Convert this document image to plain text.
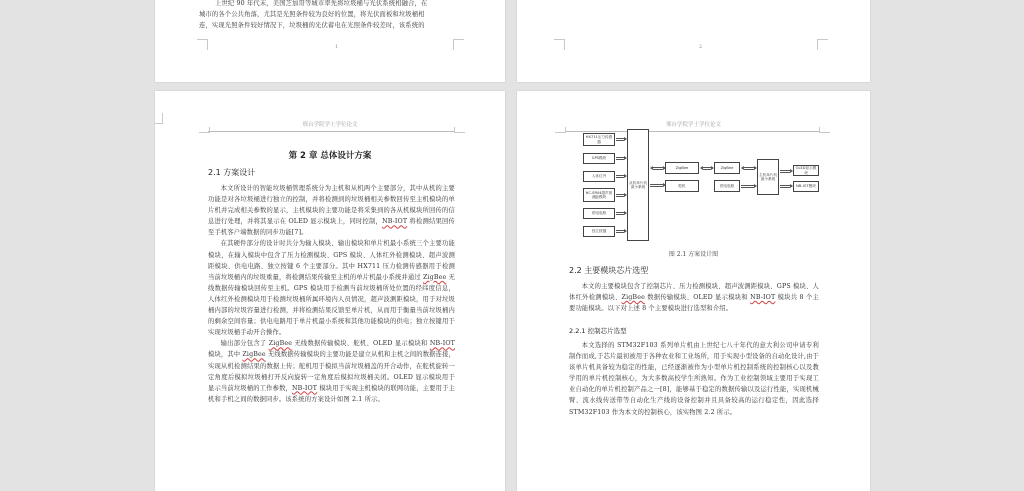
上世纪 90 年代末，美国芝加哥等城市率先将垃圾桶与光伏系统相融合，在
城市的各个公共角落，尤其是光照条件较为良好的位置，将光伏面板和垃圾桶相
连，实现光照条件较好情况下，垃圾桶的光伏蓄电在光照条件较差时，该系统的
1	2
邢台学院学士学位论文
第 2 章 总体设计方案
2.1 方案设计

本文所设计的智能垃圾桶管理系统分为主机和从机两个主要部分，其中从机的主要功能是对各垃圾桶进行独立的控制，并将检测到的垃圾桶相关参数回传至主机模块的单片机并完成相关参数的显示，主机模块的主要功能是将采集到的各从机模块所回传的信息进行处理，并将其显示在 OLED 显示模块上，同时控制，NB-IOT 将检测结果回传至手机客户端数据的同步功能[7]。

在其硬件部分的设计时共分为输入模块、输出模块和单片机最小系统三个主要功能模块，在输入模块中包含了压力检测模块、GPS 模块、人体红外检测模块、超声波测距模块、供电电路、独立按键 6 个主要部分。其中 HX711 压力检测传感器用于检测当前垃圾桶内的垃圾重量，将检测结果传输至主机的单片机最小系统并通过 ZigBee 无线数据传输模块回传至主机。GPS 模块用于检测当前垃圾桶所处位置的经纬度信息，人体红外检测模块用于检测垃圾桶所属环境内人员情况，超声波测距模块，用于对垃圾桶内部的垃圾容量进行检测，并将检测结果反馈至单片机，从而用于衡量当前垃圾桶内的剩余空间容量；供电电路用于单片机最小系统和其他功能模块的供电；独立按键用于实现垃圾桶手动开合操作。

输出部分包含了 ZigBee 无线数据传输模块、舵机、OLED 显示模块和 NB-IOT 模块，其中 ZigBee 无线数据传输模块的主要功能是建立从机和主机之间的数据连接，实现从机检测结果的数据上传；舵机用于模拟当前垃圾桶盖的开合动作，在舵机旋转一定角度后模拟垃圾桶打开反向旋转一定角度后模拟垃圾桶关闭。OLED 显示模块用于显示当前垃圾桶的工作参数，NB-IOT 模块用于实现主机模块的联网功能，主要用于主机和手机之间的数据同步。该系统的方案设计如图 2.1 所示。

邢台学院学士学位论文
HX711压力传感器
GPS模块
人体红外
HC-SR04超声波测距模块
供电电路
独立按键
从机单片机最小系统
ZigBee
舵机
ZigBee
供电电路
主机单片机最小系统
OLED显示模块
NB-IOT模块
图 2.1 方案设计图
2.2 主要模块芯片选型

本文的主要模块包含了控制芯片、压力检测模块、超声波测距模块、GPS 模块、人体红外检测模块、ZigBee 数据传输模块、OLED 显示模块和 NB-IOT 模块共 8 个主要功能模块。以下对上述 8 个主要模块进行选型和介绍。

2.2.1 控制芯片选型

本文选择的 STM32F103 系列单片机由上世纪七八十年代的意大利公司申请专利制作而成,于芯片最初被用于各种农业和工业场所，用于实现小型设备的自动化设计,由于该单片机具备较为稳定的性能，已经逐渐被作为小型单片机控制系统的控制核心以及教学用的单片机控制核心，为大多数高校学生所熟知。作为工业控制领域主要用于实现工业自动化的单片机控制产品之一[8]，能够基于稳定的数据传输以及运行性能，实现机械臂、流水线传送带等自动化生产线的设备控制并且具备较高的运行稳定性，因此选择 STM32F103 作为本文的控制核心，该实物图 2.2 所示。
